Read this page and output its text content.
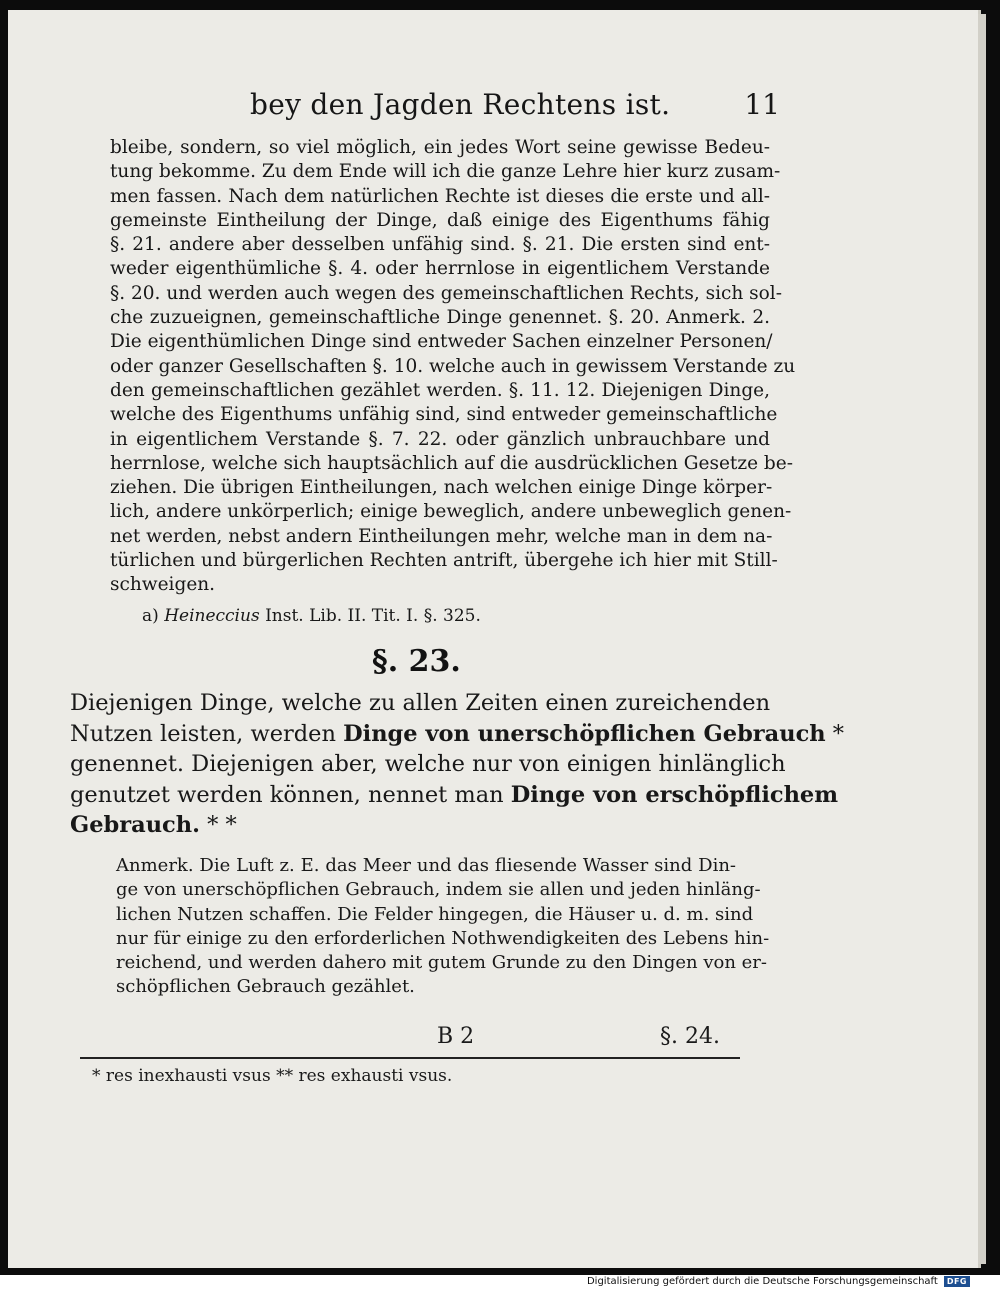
bey den Jagden Rechtens ist.	11
bleibe, sondern, so viel möglich, ein jedes Wort seine gewisse Bedeu-
tung bekomme. Zu dem Ende will ich die ganze Lehre hier kurz zusam-
men fassen. Nach dem natürlichen Rechte ist dieses die erste und all-
gemeinste Eintheilung der Dinge, daß einige des Eigenthums fähig
§. 21. andere aber desselben unfähig sind. §. 21. Die ersten sind ent-
weder eigenthümliche §. 4. oder herrnlose in eigentlichem Verstande
§. 20. und werden auch wegen des gemeinschaftlichen Rechts, sich sol-
che zuzueignen, gemeinschaftliche Dinge genennet. §. 20. Anmerk. 2.
Die eigenthümlichen Dinge sind entweder Sachen einzelner Personen/
oder ganzer Gesellschaften §. 10. welche auch in gewissem Verstande zu
den gemeinschaftlichen gezählet werden. §. 11. 12. Diejenigen Dinge,
welche des Eigenthums unfähig sind, sind entweder gemeinschaftliche
in eigentlichem Verstande §. 7. 22. oder gänzlich unbrauchbare und
herrnlose, welche sich hauptsächlich auf die ausdrücklichen Gesetze be-
ziehen. Die übrigen Eintheilungen, nach welchen einige Dinge körper-
lich, andere unkörperlich; einige beweglich, andere unbeweglich genen-
net werden, nebst andern Eintheilungen mehr, welche man in dem na-
türlichen und bürgerlichen Rechten antrift, übergehe ich hier mit Still-
schweigen.
a) Heineccius Inst. Lib. II. Tit. I. §. 325.
§. 23.
Diejenigen Dinge, welche zu allen Zeiten einen zureichenden
Nutzen leisten, werden Dinge von unerschöpflichen Gebrauch *
genennet. Diejenigen aber, welche nur von einigen hinlänglich
genutzet werden können, nennet man Dinge von erschöpflichem
Gebrauch. * *
Anmerk. Die Luft z. E. das Meer und das fliesende Wasser sind Din-
ge von unerschöpflichen Gebrauch, indem sie allen und jeden hinläng-
lichen Nutzen schaffen. Die Felder hingegen, die Häuser u. d. m. sind
nur für einige zu den erforderlichen Nothwendigkeiten des Lebens hin-
reichend, und werden dahero mit gutem Grunde zu den Dingen von er-
schöpflichen Gebrauch gezählet.
B 2	§. 24.
* res inexhausti vsus ** res exhausti vsus.
Digitalisierung gefördert durch die Deutsche Forschungsgemeinschaft	DFG
